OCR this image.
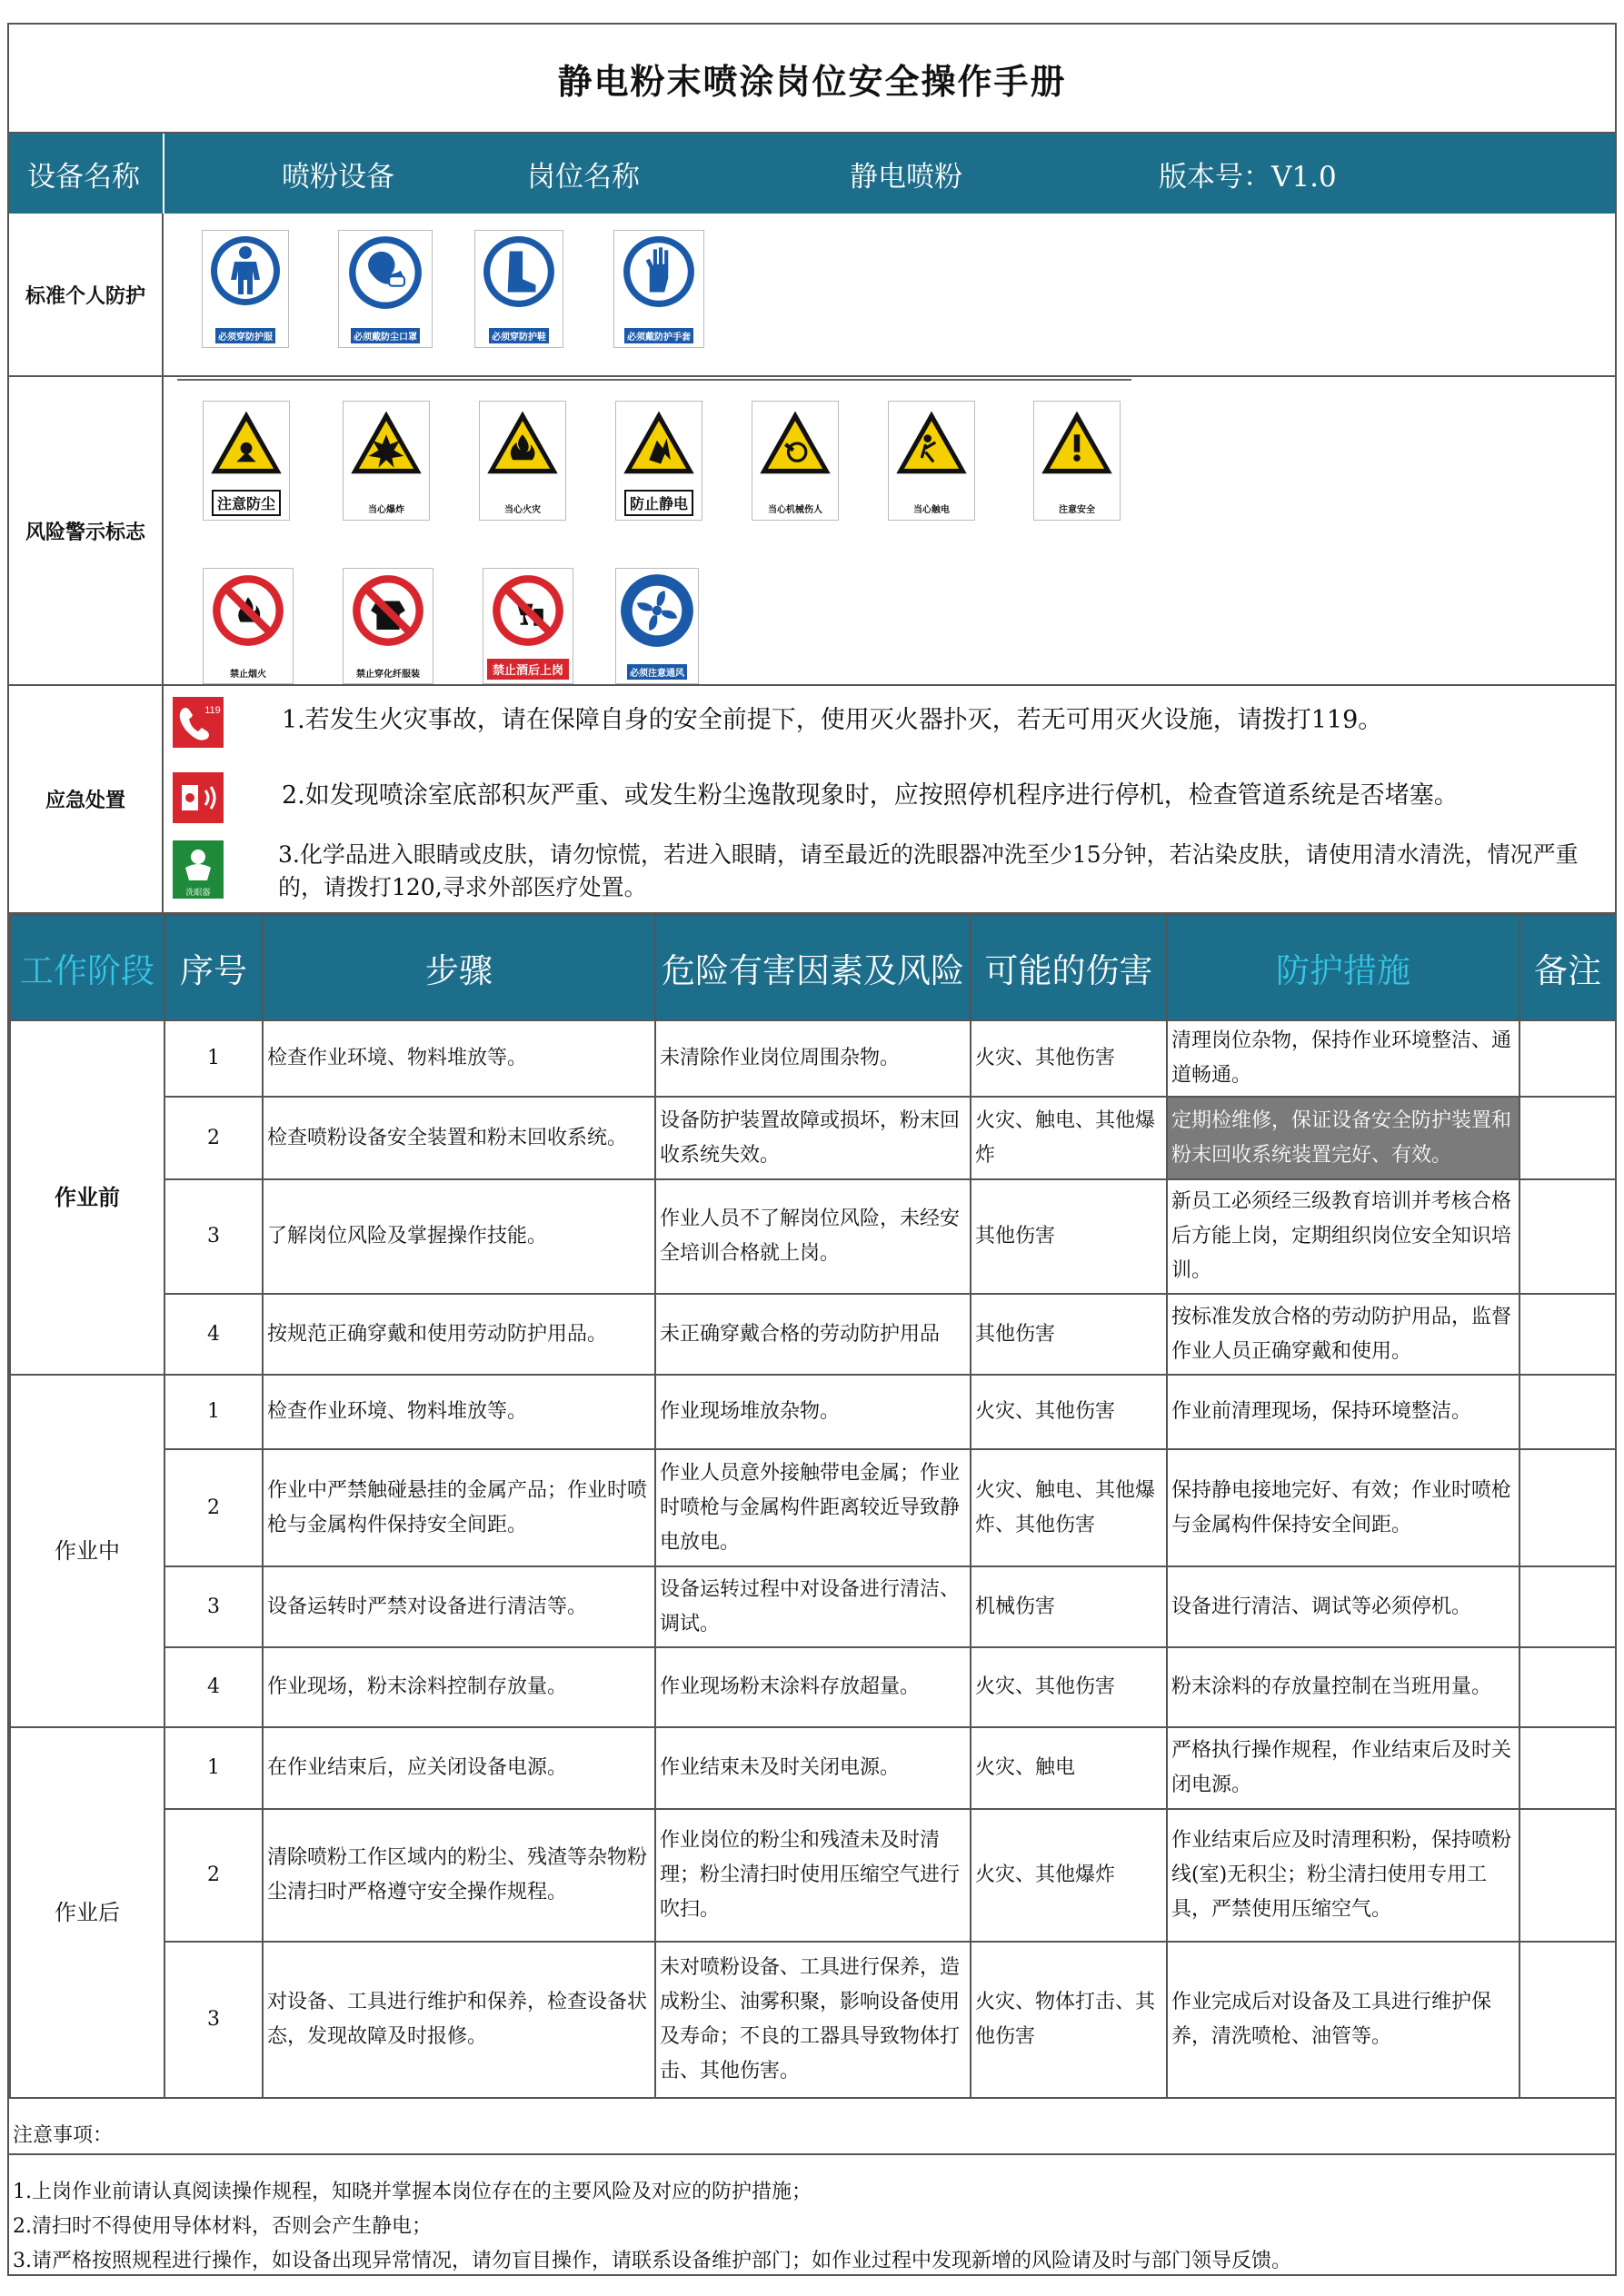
静电粉末喷涂岗位安全操作手册
设备名称	喷粉设备	岗位名称	静电喷粉	版本号：V1.0
标准个人防护
必须穿防护服	必须戴防尘口罩	必须穿防护鞋	必须戴防护手套
风险警示标志
注意防尘	当心爆炸	当心火灾	防止静电	当心机械伤人	当心触电	注意安全
禁止烟火	禁止穿化纤服装	禁止酒后上岗	必须注意通风
应急处置
119
洗眼器
1.若发生火灾事故，请在保障自身的安全前提下，使用灭火器扑灭，若无可用灭火设施，请拨打119。
2.如发现喷涂室底部积灰严重、或发生粉尘逸散现象时，应按照停机程序进行停机，检查管道系统是否堵塞。
3.化学品进入眼睛或皮肤，请勿惊慌，若进入眼睛，请至最近的洗眼器冲洗至少15分钟，若沾染皮肤，请使用清水清洗，情况严重的，请拨打120,寻求外部医疗处置。
工作阶段	序号	步骤	危险有害因素及风险	可能的伤害	防护措施	备注
作业前	1	检查作业环境、物料堆放等。	未清除作业岗位周围杂物。	火灾、其他伤害	清理岗位杂物，保持作业环境整洁、通道畅通。	
	2	检查喷粉设备安全装置和粉末回收系统。	设备防护装置故障或损坏，粉末回收系统失效。	火灾、触电、其他爆炸	定期检维修，保证设备安全防护装置和粉末回收系统装置完好、有效。	
	3	了解岗位风险及掌握操作技能。	作业人员不了解岗位风险，未经安全培训合格就上岗。	其他伤害	新员工必须经三级教育培训并考核合格后方能上岗，定期组织岗位安全知识培训。	
	4	按规范正确穿戴和使用劳动防护用品。	未正确穿戴合格的劳动防护用品	其他伤害	按标准发放合格的劳动防护用品，监督作业人员正确穿戴和使用。	
作业中	1	检查作业环境、物料堆放等。	作业现场堆放杂物。	火灾、其他伤害	作业前清理现场，保持环境整洁。	
	2	作业中严禁触碰悬挂的金属产品；作业时喷枪与金属构件保持安全间距。	作业人员意外接触带电金属；作业时喷枪与金属构件距离较近导致静电放电。	火灾、触电、其他爆炸、其他伤害	保持静电接地完好、有效；作业时喷枪与金属构件保持安全间距。	
	3	设备运转时严禁对设备进行清洁等。	设备运转过程中对设备进行清洁、调试。	机械伤害	设备进行清洁、调试等必须停机。	
	4	作业现场，粉末涂料控制存放量。	作业现场粉末涂料存放超量。	火灾、其他伤害	粉末涂料的存放量控制在当班用量。	
作业后	1	在作业结束后，应关闭设备电源。	作业结束未及时关闭电源。	火灾、触电	严格执行操作规程，作业结束后及时关闭电源。	
	2	清除喷粉工作区域内的粉尘、残渣等杂物粉尘清扫时严格遵守安全操作规程。	作业岗位的粉尘和残渣未及时清理；粉尘清扫时使用压缩空气进行吹扫。	火灾、其他爆炸	作业结束后应及时清理积粉，保持喷粉线(室)无积尘；粉尘清扫使用专用工具，严禁使用压缩空气。	
	3	对设备、工具进行维护和保养，检查设备状态，发现故障及时报修。	未对喷粉设备、工具进行保养，造成粉尘、油雾积聚，影响设备使用及寿命；不良的工器具导致物体打击、其他伤害。	火灾、物体打击、其他伤害	作业完成后对设备及工具进行维护保养，清洗喷枪、油管等。	
注意事项：
1.上岗作业前请认真阅读操作规程，知晓并掌握本岗位存在的主要风险及对应的防护措施；
2.清扫时不得使用导体材料，否则会产生静电；
3.请严格按照规程进行操作，如设备出现异常情况，请勿盲目操作，请联系设备维护部门；如作业过程中发现新增的风险请及时与部门领导反馈。
